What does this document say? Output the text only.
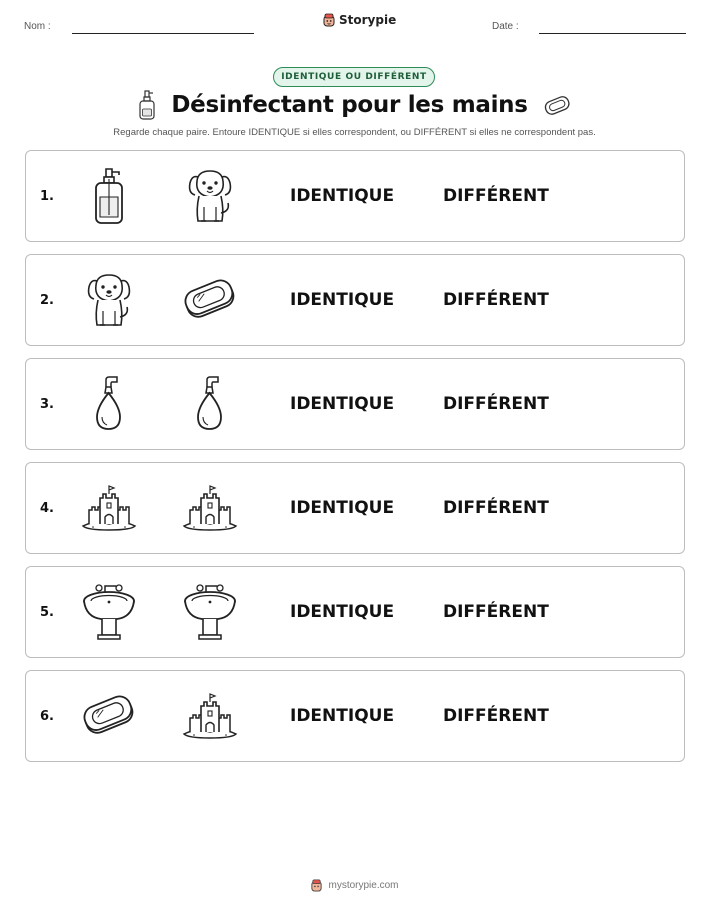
Nom :	Storypie	Date :
IDENTIQUE OU DIFFÉRENT
Désinfectant pour les mains
Regarde chaque paire. Entoure IDENTIQUE si elles correspondent, ou DIFFÉRENT si elles ne correspondent pas.
1.	IDENTIQUE	DIFFÉRENT
2.	IDENTIQUE	DIFFÉRENT
3.	IDENTIQUE	DIFFÉRENT
4.	IDENTIQUE	DIFFÉRENT
5.	IDENTIQUE	DIFFÉRENT
6.	IDENTIQUE	DIFFÉRENT
mystorypie.com
